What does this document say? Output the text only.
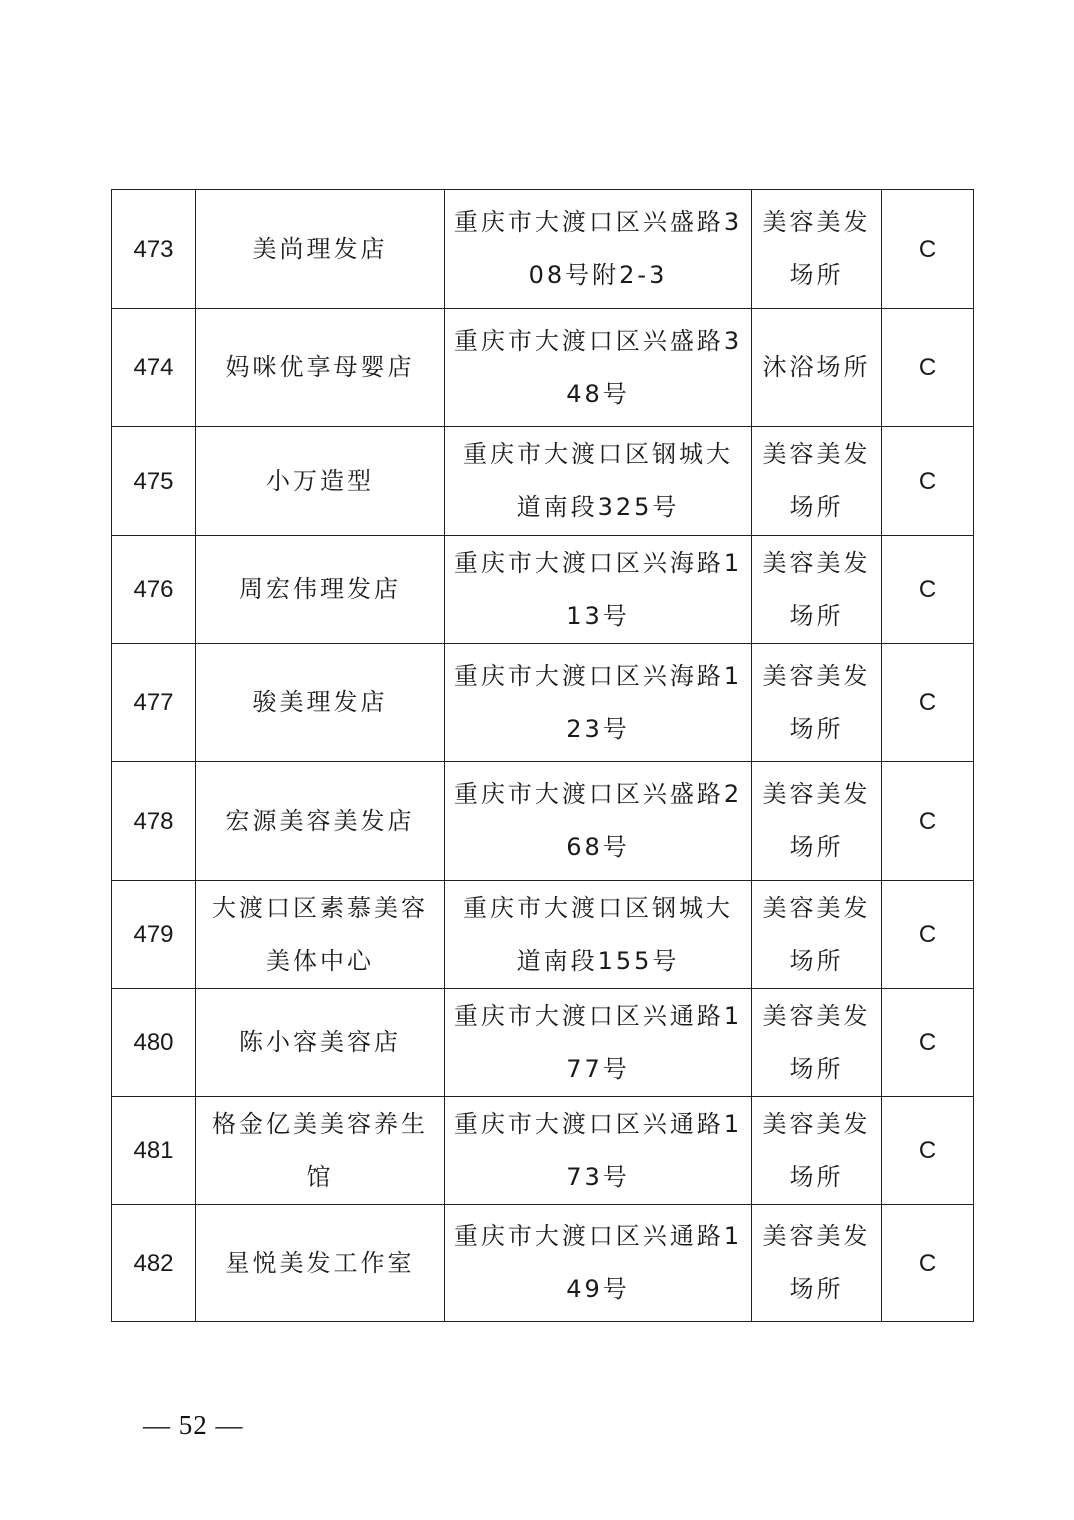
473	美尚理发店	重庆市大渡口区兴盛路308号附2-3	美容美发场所	C
474	妈咪优享母婴店	重庆市大渡口区兴盛路348号	沐浴场所	C
475	小万造型	重庆市大渡口区钢城大道南段325号	美容美发场所	C
476	周宏伟理发店	重庆市大渡口区兴海路113号	美容美发场所	C
477	骏美理发店	重庆市大渡口区兴海路123号	美容美发场所	C
478	宏源美容美发店	重庆市大渡口区兴盛路268号	美容美发场所	C
479	大渡口区素慕美容美体中心	重庆市大渡口区钢城大道南段155号	美容美发场所	C
480	陈小容美容店	重庆市大渡口区兴通路177号	美容美发场所	C
481	格金亿美美容养生馆	重庆市大渡口区兴通路173号	美容美发场所	C
482	星悦美发工作室	重庆市大渡口区兴通路149号	美容美发场所	C
— 52 —
